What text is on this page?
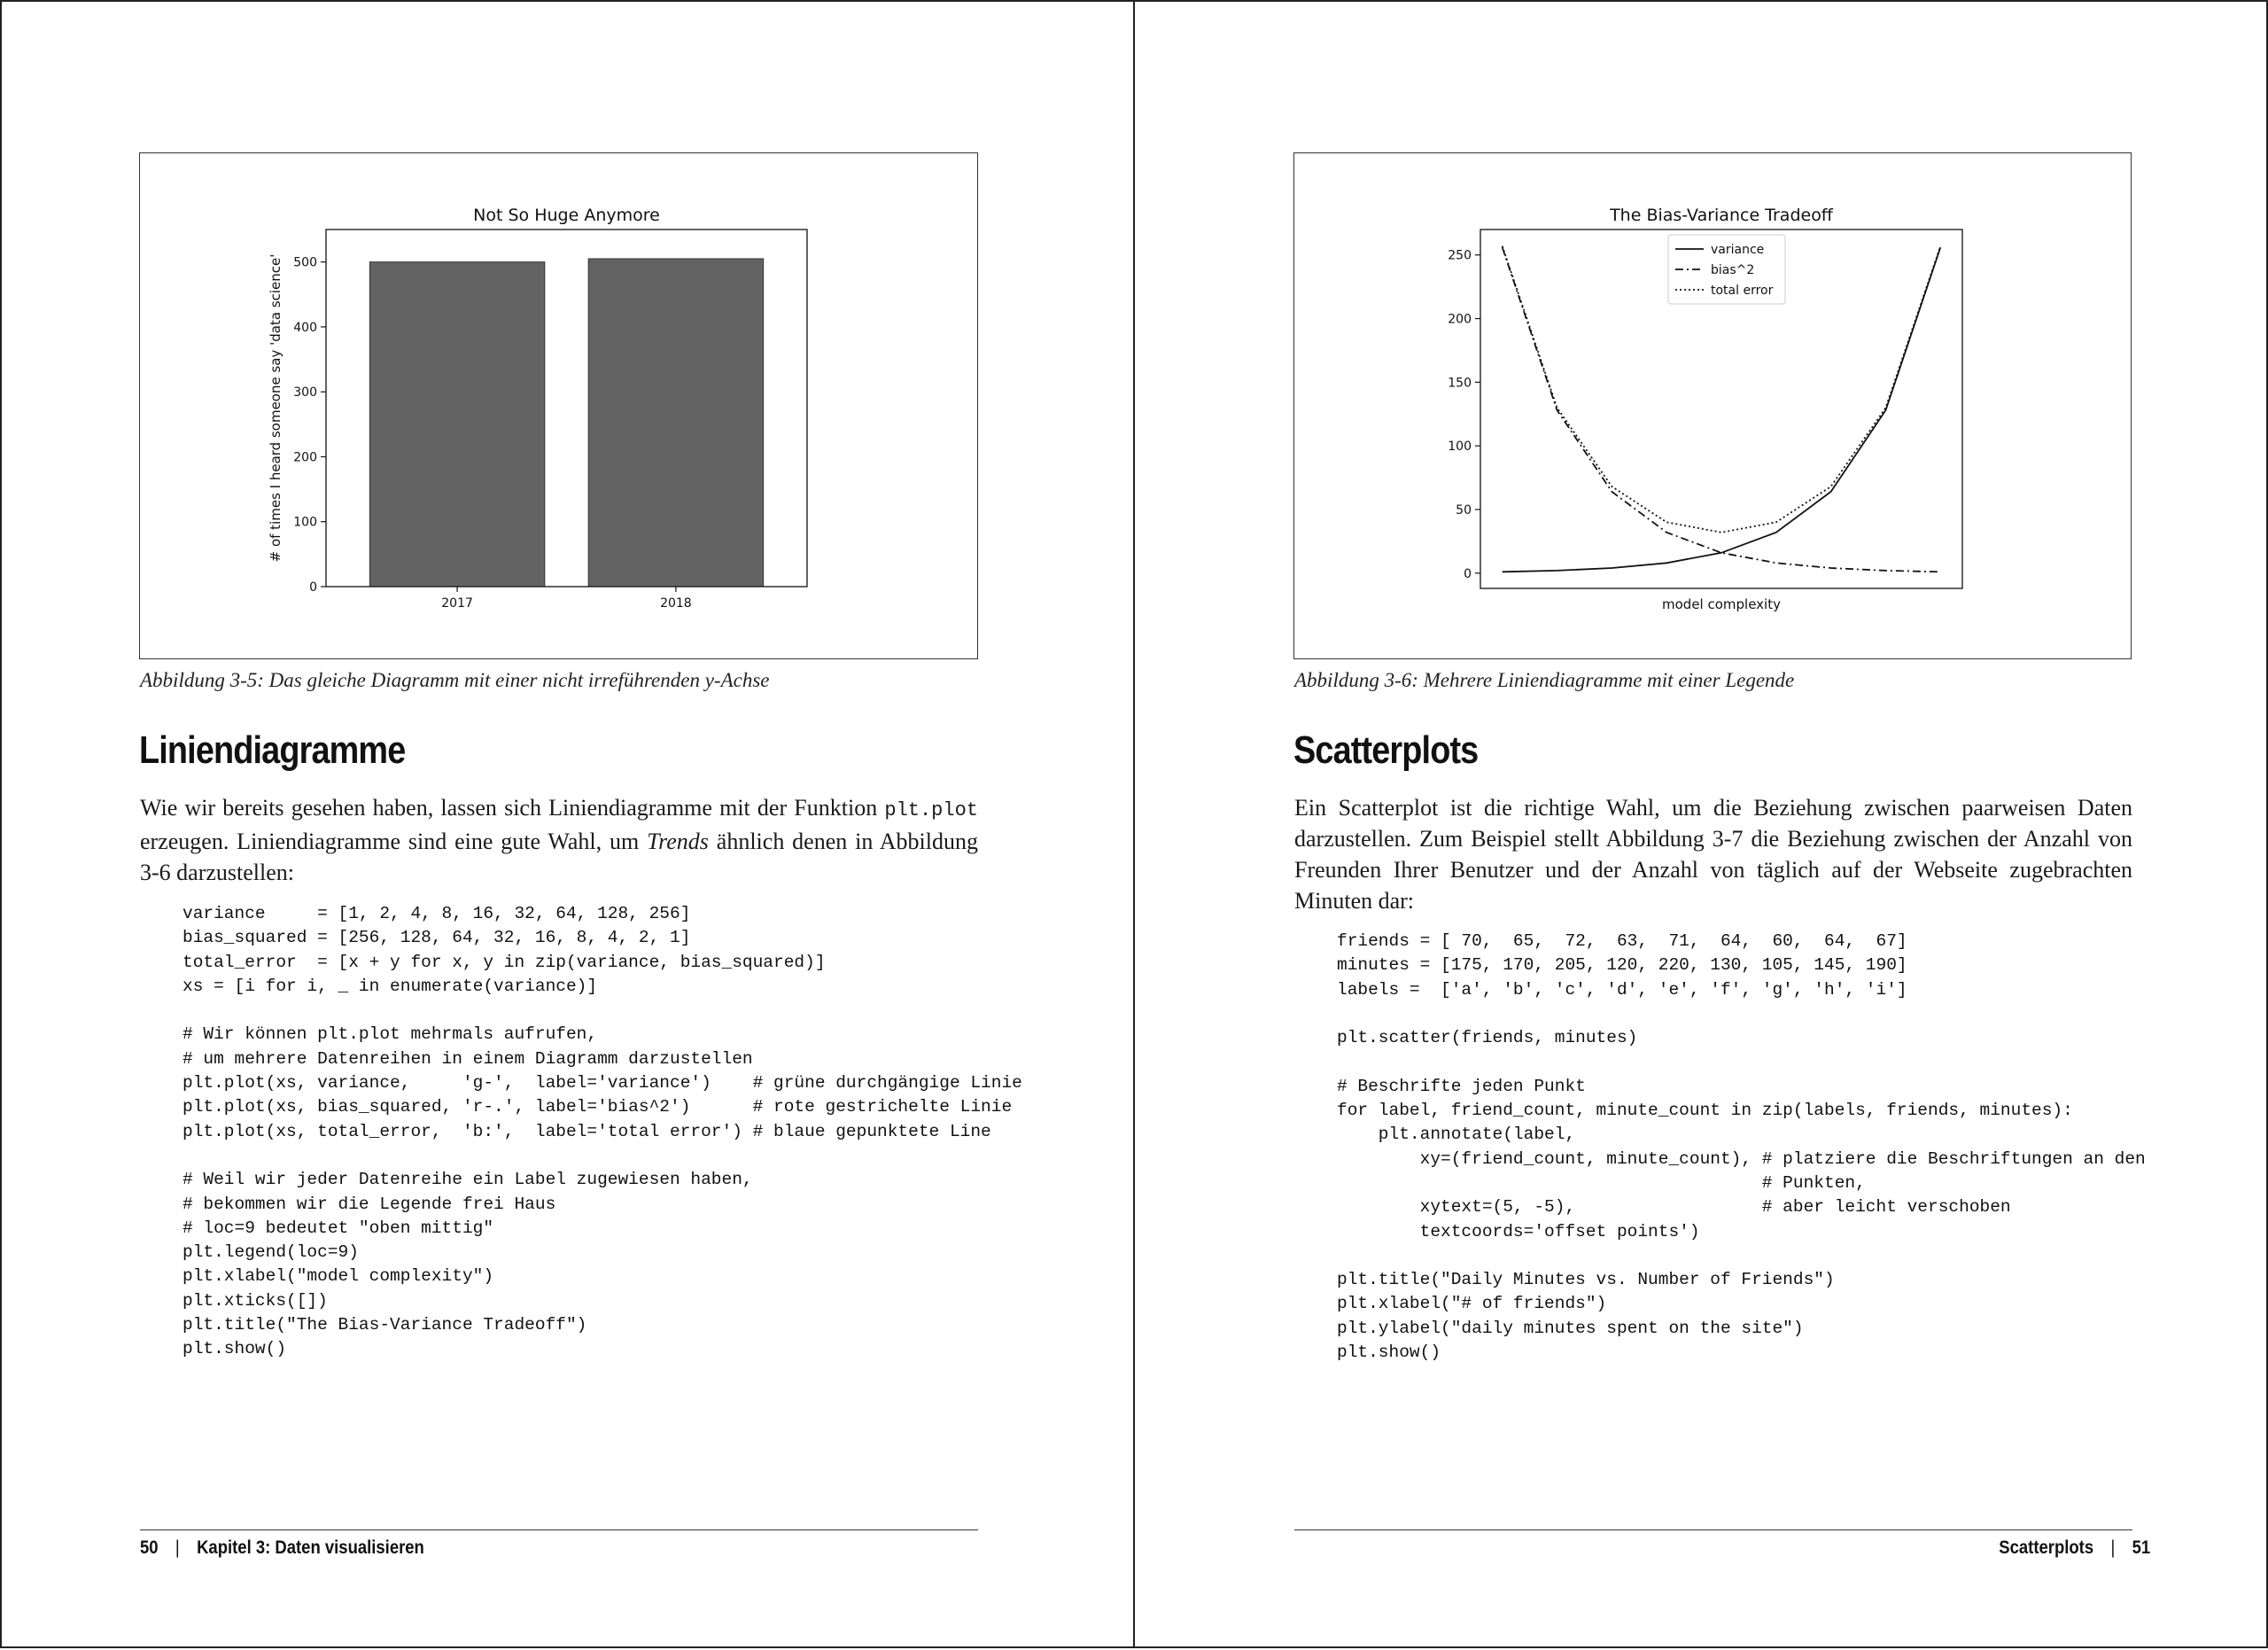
Not So Huge Anymore
# of times I heard someone say 'data science'
0
100
200
300
400
500
2017	2018
Abbildung 3-5: Das gleiche Diagramm mit einer nicht irreführenden y-Achse
Liniendiagramme

Wie wir bereits gesehen haben, lassen sich Liniendiagramme mit der Funktion plt.plot erzeugen. Liniendiagramme sind eine gute Wahl, um Trends ähnlich denen in Abbildung 3-6 darzustellen:

variance     = [1, 2, 4, 8, 16, 32, 64, 128, 256]
bias_squared = [256, 128, 64, 32, 16, 8, 4, 2, 1]
total_error  = [x + y for x, y in zip(variance, bias_squared)]
xs = [i for i, _ in enumerate(variance)]
# Wir können plt.plot mehrmals aufrufen,
# um mehrere Datenreihen in einem Diagramm darzustellen
plt.plot(xs, variance,     'g-',  label='variance')    # grüne durchgängige Linie
plt.plot(xs, bias_squared, 'r-.', label='bias^2')      # rote gestrichelte Linie
plt.plot(xs, total_error,  'b:',  label='total error') # blaue gepunktete Line
# Weil wir jeder Datenreihe ein Label zugewiesen haben,
# bekommen wir die Legende frei Haus
# loc=9 bedeutet "oben mittig"
plt.legend(loc=9)
plt.xlabel("model complexity")
plt.xticks([])
plt.title("The Bias-Variance Tradeoff")
plt.show()
50 | Kapitel 3: Daten visualisieren
The Bias-Variance Tradeoff
model complexity
0
50
100
150
200
250	variance
bias^2
total error
Abbildung 3-6: Mehrere Liniendiagramme mit einer Legende
Scatterplots

Ein Scatterplot ist die richtige Wahl, um die Beziehung zwischen paarweisen Daten darzustellen. Zum Beispiel stellt Abbildung 3-7 die Beziehung zwischen der Anzahl von Freunden Ihrer Benutzer und der Anzahl von täglich auf der Webseite zugebrachten Minuten dar:

friends = [ 70,  65,  72,  63,  71,  64,  60,  64,  67]
minutes = [175, 170, 205, 120, 220, 130, 105, 145, 190]
labels =  ['a', 'b', 'c', 'd', 'e', 'f', 'g', 'h', 'i']
plt.scatter(friends, minutes)
# Beschrifte jeden Punkt
for label, friend_count, minute_count in zip(labels, friends, minutes):
plt.annotate(label,
xy=(friend_count, minute_count), # platziere die Beschriftungen an den
# Punkten,
xytext=(5, -5),                  # aber leicht verschoben
textcoords='offset points')
plt.title("Daily Minutes vs. Number of Friends")
plt.xlabel("# of friends")
plt.ylabel("daily minutes spent on the site")
plt.show()
Scatterplots | 51
